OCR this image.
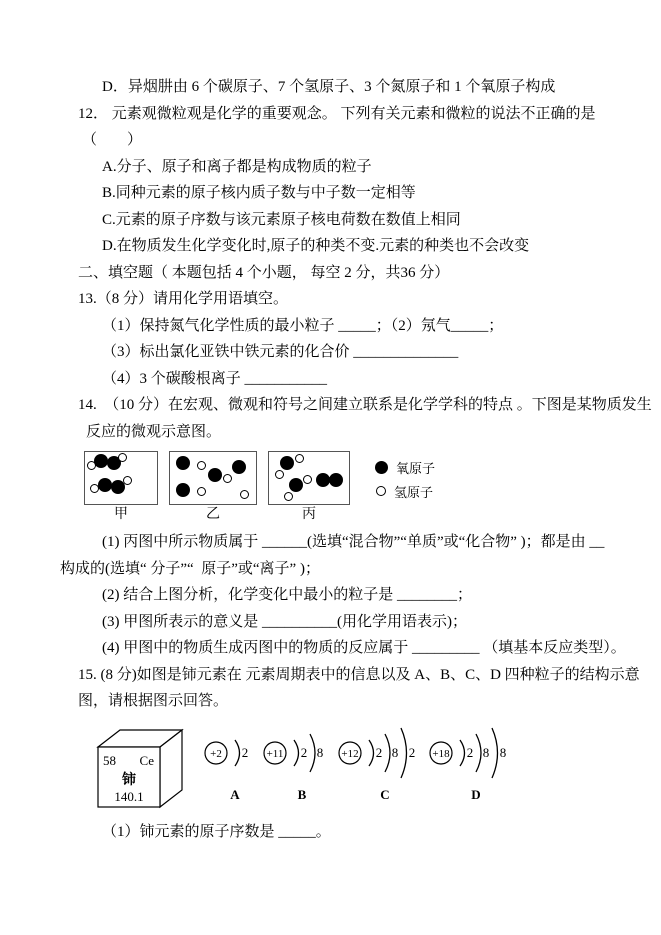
D．异烟肼由 6 个碳原子、7 个氢原子、3 个氮原子和 1 个氧原子构成

12． 元素观微粒观是化学的重要观念。 下列有关元素和微粒的说法不正确的是

（　　）

A.分子、原子和离子都是构成物质的粒子

B.同种元素的原子核内质子数与中子数一定相等

C.元素的原子序数与该元素原子核电荷数在数值上相同

D.在物质发生化学变化时,原子的种类不变.元素的种类也不会改变

二、填空题（ 本题包括 4 个小题， 每空 2 分，共36 分）

13.（8 分）请用化学用语填空。

（1）保持氮气化学性质的最小粒子 _____；（2）氖气_____；

（3）标出氯化亚铁中铁元素的化合价 ______________

（4）3 个碳酸根离子 ___________

14.  （10 分）在宏观、微观和符号之间建立联系是化学学科的特点 。下图是某物质发生

反应的微观示意图。

甲	乙	丙
氧原子
氢原子

(1) 丙图中所示物质属于 ______(选填“混合物”“单质”或“化合物” )；都是由 __

构成的(选填“ 分子”“  原子”或“离子” )；

(2) 结合上图分析，化学变化中最小的粒子是 ________；

(3) 甲图所表示的意义是 __________(用化学用语表示)；

(4) 甲图中的物质生成丙图中的物质的反应属于 _________ （填基本反应类型）。

15. (8 分)如图是铈元素在 元素周期表中的信息以及 A、B、C、D 四种粒子的结构示意

图，请根据图示回答。

58 Ce
铈
140.1
+2 2
A
+11 2 8
B
+12 2 8 2
C
+18 2 8 8
D

（1）铈元素的原子序数是 _____。
